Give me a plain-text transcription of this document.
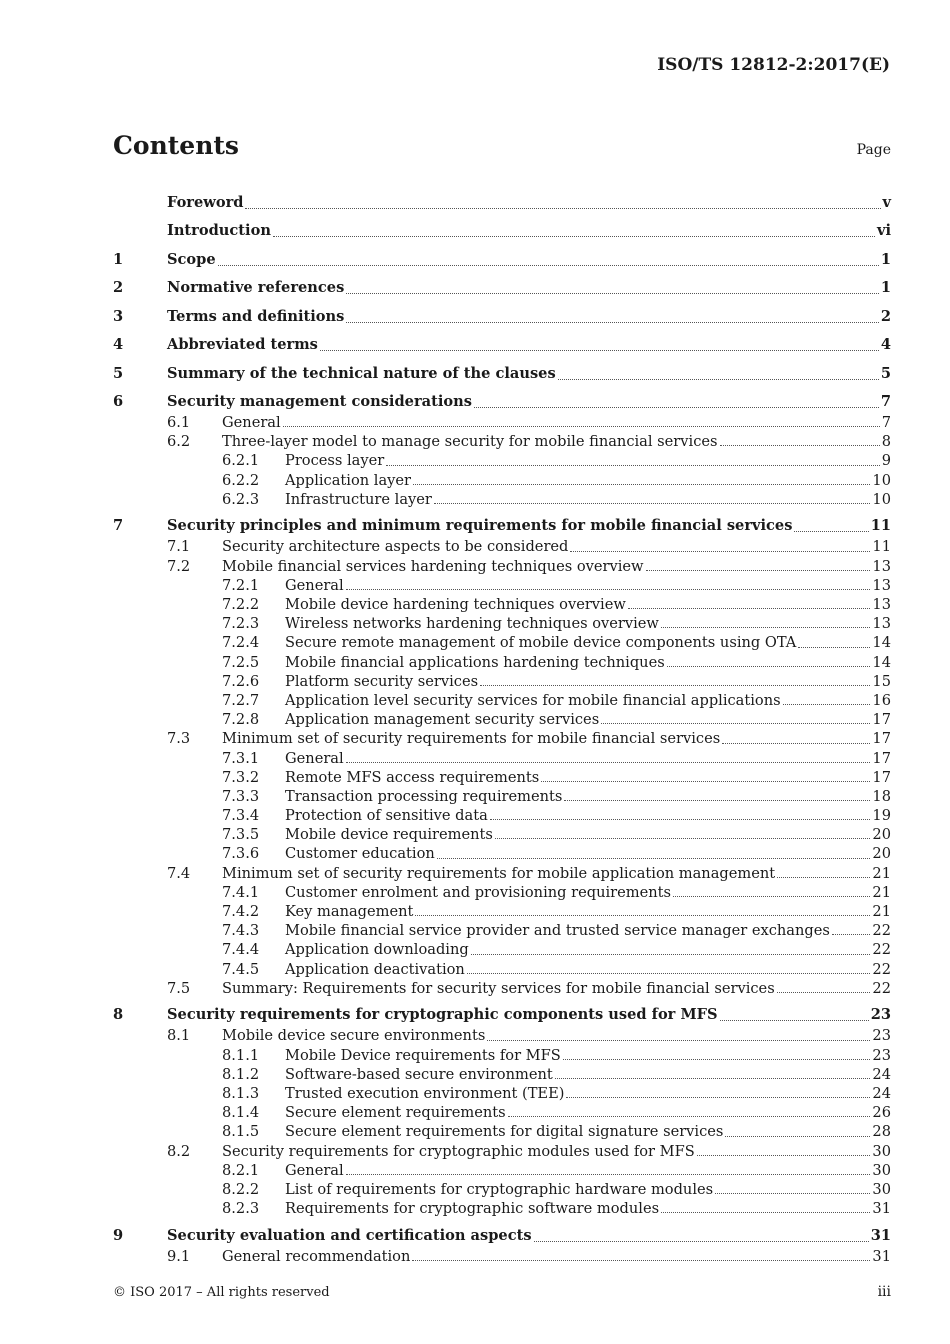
ISO/TS 12812-2:2017(E)
Contents	Page
Foreword	v
Introduction	vi
1	Scope	1
2	Normative references	1
3	Terms and definitions	2
4	Abbreviated terms	4
5	Summary of the technical nature of the clauses	5
6	Security management considerations	7
6.1	General	7
6.2	Three-layer model to manage security for mobile financial services	8
6.2.1	Process layer	9
6.2.2	Application layer	10
6.2.3	Infrastructure layer	10
7	Security principles and minimum requirements for mobile financial services	11
7.1	Security architecture aspects to be considered	11
7.2	Mobile financial services hardening techniques overview	13
7.2.1	General	13
7.2.2	Mobile device hardening techniques overview	13
7.2.3	Wireless networks hardening techniques overview	13
7.2.4	Secure remote management of mobile device components using OTA	14
7.2.5	Mobile financial applications hardening techniques	14
7.2.6	Platform security services	15
7.2.7	Application level security services for mobile financial applications	16
7.2.8	Application management security services	17
7.3	Minimum set of security requirements for mobile financial services	17
7.3.1	General	17
7.3.2	Remote MFS access requirements	17
7.3.3	Transaction processing requirements	18
7.3.4	Protection of sensitive data	19
7.3.5	Mobile device requirements	20
7.3.6	Customer education	20
7.4	Minimum set of security requirements for mobile application management	21
7.4.1	Customer enrolment and provisioning requirements	21
7.4.2	Key management	21
7.4.3	Mobile financial service provider and trusted service manager exchanges	22
7.4.4	Application downloading	22
7.4.5	Application deactivation	22
7.5	Summary: Requirements for security services for mobile financial services	22
8	Security requirements for cryptographic components used for MFS	23
8.1	Mobile device secure environments	23
8.1.1	Mobile Device requirements for MFS	23
8.1.2	Software-based secure environment	24
8.1.3	Trusted execution environment (TEE)	24
8.1.4	Secure element requirements	26
8.1.5	Secure element requirements for digital signature services	28
8.2	Security requirements for cryptographic modules used for MFS	30
8.2.1	General	30
8.2.2	List of requirements for cryptographic hardware modules	30
8.2.3	Requirements for cryptographic software modules	31
9	Security evaluation and certification aspects	31
9.1	General recommendation	31
© ISO 2017 – All rights reserved	iii
